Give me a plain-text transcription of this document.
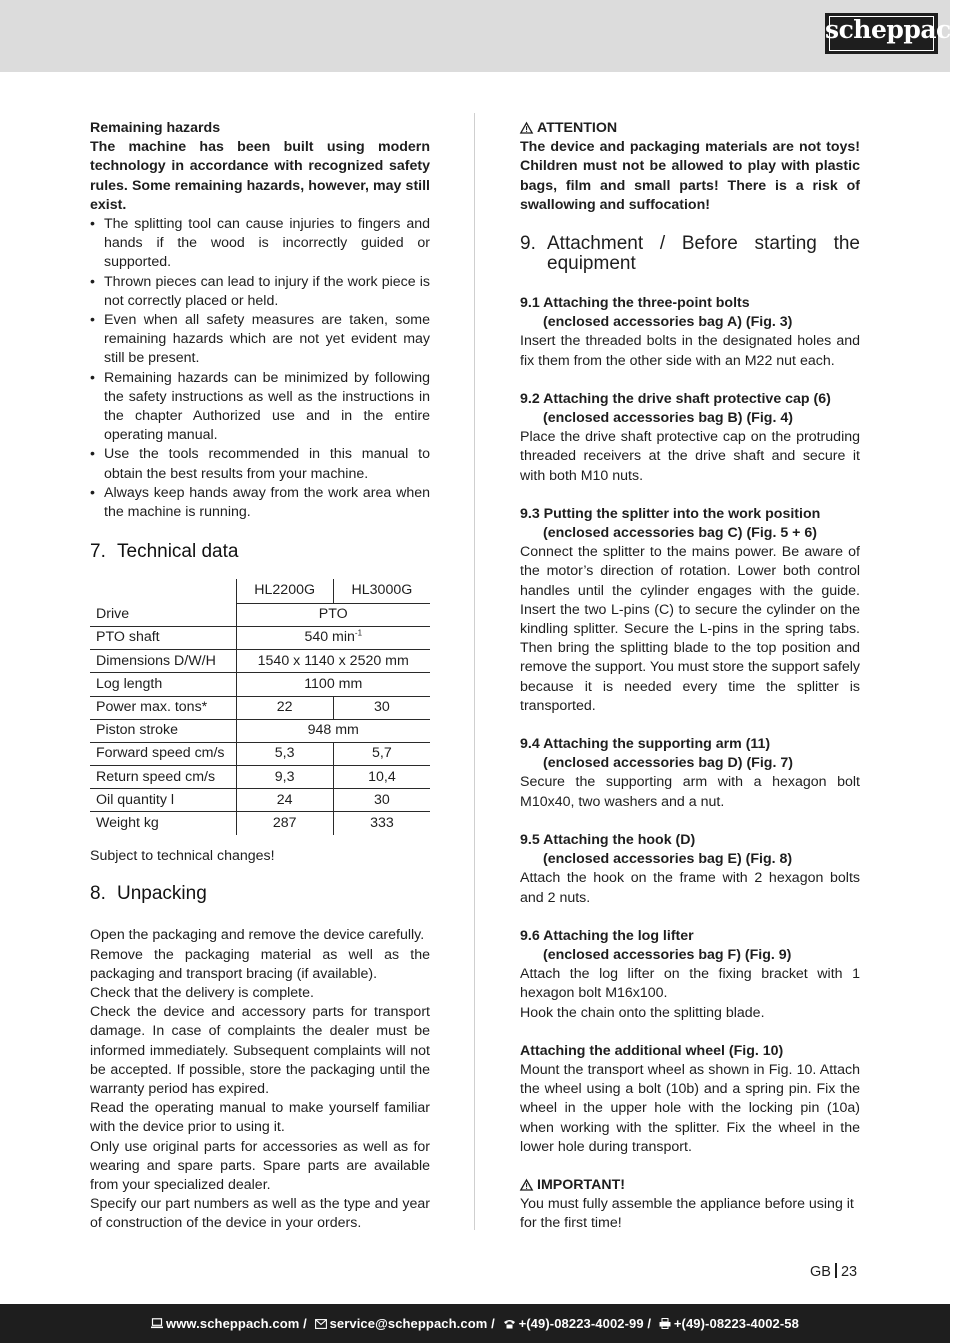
scheppach

Remaining hazards

The machine has been built using modern technology in accordance with recognized safety rules. Some remaining hazards, however, may still exist.

• The splitting tool can cause injuries to fingers and hands if the wood is incorrectly guided or supported.
• Thrown pieces can lead to injury if the work piece is not correctly placed or held.
• Even when all safety measures are taken, some remaining hazards which are not yet evident may still be present.
• Remaining hazards can be minimized by following the safety instructions as well as the instructions in the chapter Authorized use and in the entire operating manual.
• Use the tools recommended in this manual to obtain the best results from your machine.
• Always keep hands away from the work area when the machine is running.
7. Technical data
	HL2200G	HL3000G
Drive	PTO	
PTO shaft	540 $\min^{-1}$
Dimensions D/W/H	1540 x 1140 x 2520 mm	
Log length	1100 mm	
Power max. tons*	22	30
Piston stroke	948 mm	
Forward speed cm/s	5,3	5,7
Return speed cm/s	9,3	10,4
Oil quantity l	24	30
Weight kg	287	333

Subject to technical changes!

8. Unpacking

Open the packaging and remove the device carefully.

Remove the packaging material as well as the packaging and transport bracing (if available).

Check that the delivery is complete.

Check the device and accessory parts for transport damage. In case of complaints the dealer must be informed immediately. Subsequent complaints will not be accepted. If possible, store the packaging until the warranty period has expired.

Read the operating manual to make yourself familiar with the device prior to using it.

Only use original parts for accessories as well as for wearing and spare parts. Spare parts are available from your specialized dealer.

Specify our part numbers as well as the type and year of construction of the device in your orders.

ATTENTION

The device and packaging materials are not toys! Children must not be allowed to play with plastic bags, film and small parts! There is a risk of swallowing and suffocation!

9. Attachment / Before starting the equipment

9.1 Attaching the three-point bolts
(enclosed accessories bag A) (Fig. 3)

Insert the threaded bolts in the designated holes and fix them from the other side with an M22 nut each.

9.2 Attaching the drive shaft protective cap (6)
(enclosed accessories bag B) (Fig. 4)

Place the drive shaft protective cap on the protruding threaded receivers at the drive shaft and secure it with both M10 nuts.

9.3 Putting the splitter into the work position
(enclosed accessories bag C) (Fig. 5 + 6)

Connect the splitter to the mains power. Be aware of the motor’s direction of rotation. Lower both control handles until the cylinder engages with the guide. Insert the two L-pins (C) to secure the cylinder on the kindling splitter. Secure the L-pins in the spring tabs. Then bring the splitting blade to the top position and remove the support. You must store the support safely because it is needed every time the splitter is transported.

9.4 Attaching the supporting arm (11)
(enclosed accessories bag D) (Fig. 7)

Secure the supporting arm with a hexagon bolt M10x40, two washers and a nut.

9.5 Attaching the hook (D)
(enclosed accessories bag E) (Fig. 8)

Attach the hook on the frame with 2 hexagon bolts and 2 nuts.

9.6 Attaching the log lifter
(enclosed accessories bag F) (Fig. 9)

Attach the log lifter on the fixing bracket with 1 hexagon bolt M16x100.

Hook the chain onto the splitting blade.

Attaching the additional wheel (Fig. 10)

Mount the transport wheel as shown in Fig. 10. Attach the wheel using a bolt (10b) and a spring pin. Fix the wheel in the upper hole with the locking pin (10a) when working with the splitter. Fix the wheel in the lower hole during transport.

IMPORTANT!

You must fully assemble the appliance before using it for the first time!

GB 23
www.scheppach.com / service@scheppach.com / +(49)-08223-4002-99 / +(49)-08223-4002-58
